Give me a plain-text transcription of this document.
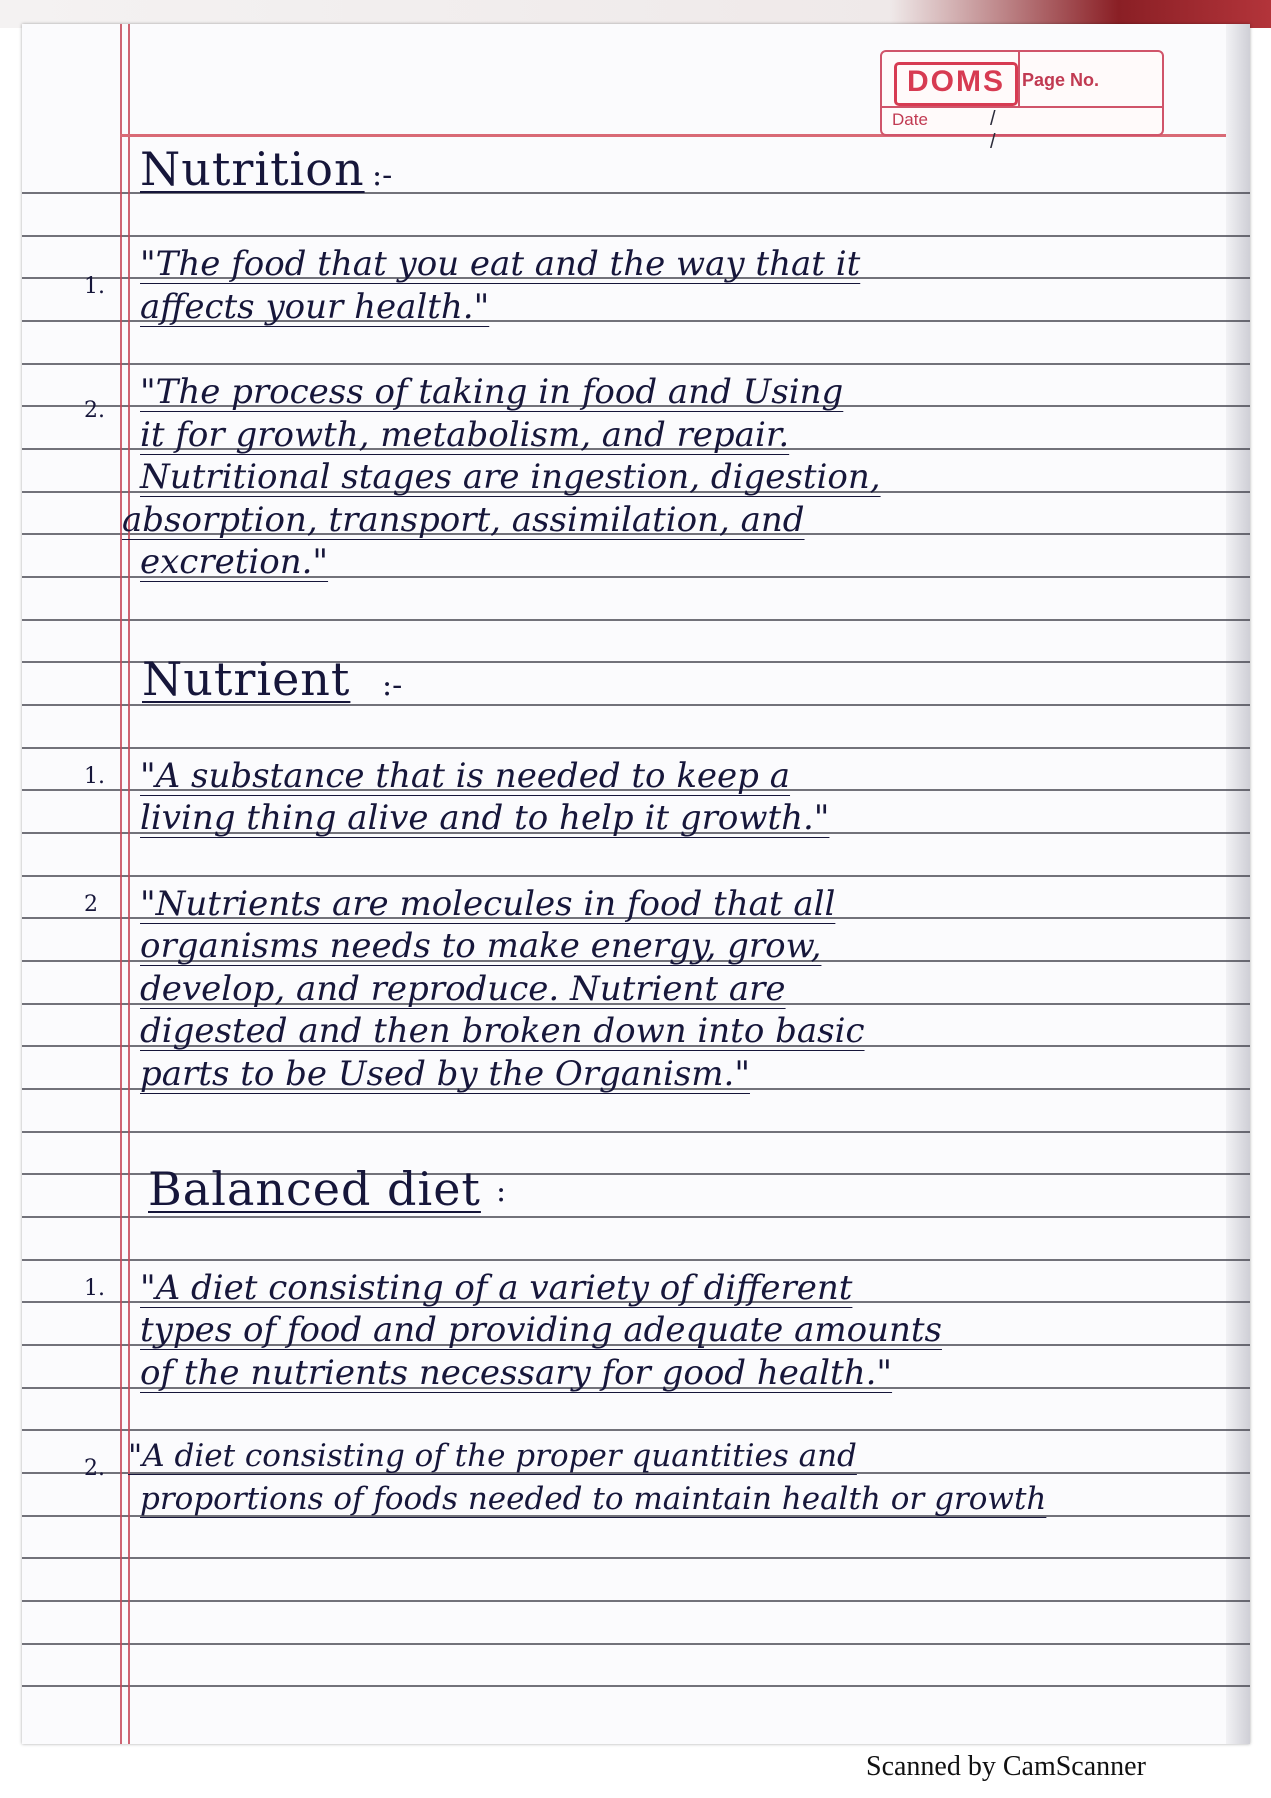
DOMS Page No.
Date	/ /
Nutrition :-
1.
"The food that you eat and the way that it
affects your health."
2. "The process of taking in food and Using
it for growth, metabolism, and repair.
Nutritional stages are ingestion, digestion,
absorption, transport, assimilation, and
excretion."
Nutrient :-
1. "A substance that is needed to keep a
living thing alive and to help it growth."
2 "Nutrients are molecules in food that all
organisms needs to make energy, grow,
develop, and reproduce. Nutrient are
digested and then broken down into basic
parts to be Used by the Organism."
Balanced diet :
1. "A diet consisting of a variety of different
types of food and providing adequate amounts
of the nutrients necessary for good health."
2. "A diet consisting of the proper quantities and
proportions of foods needed to maintain health or growth
Scanned by CamScanner
